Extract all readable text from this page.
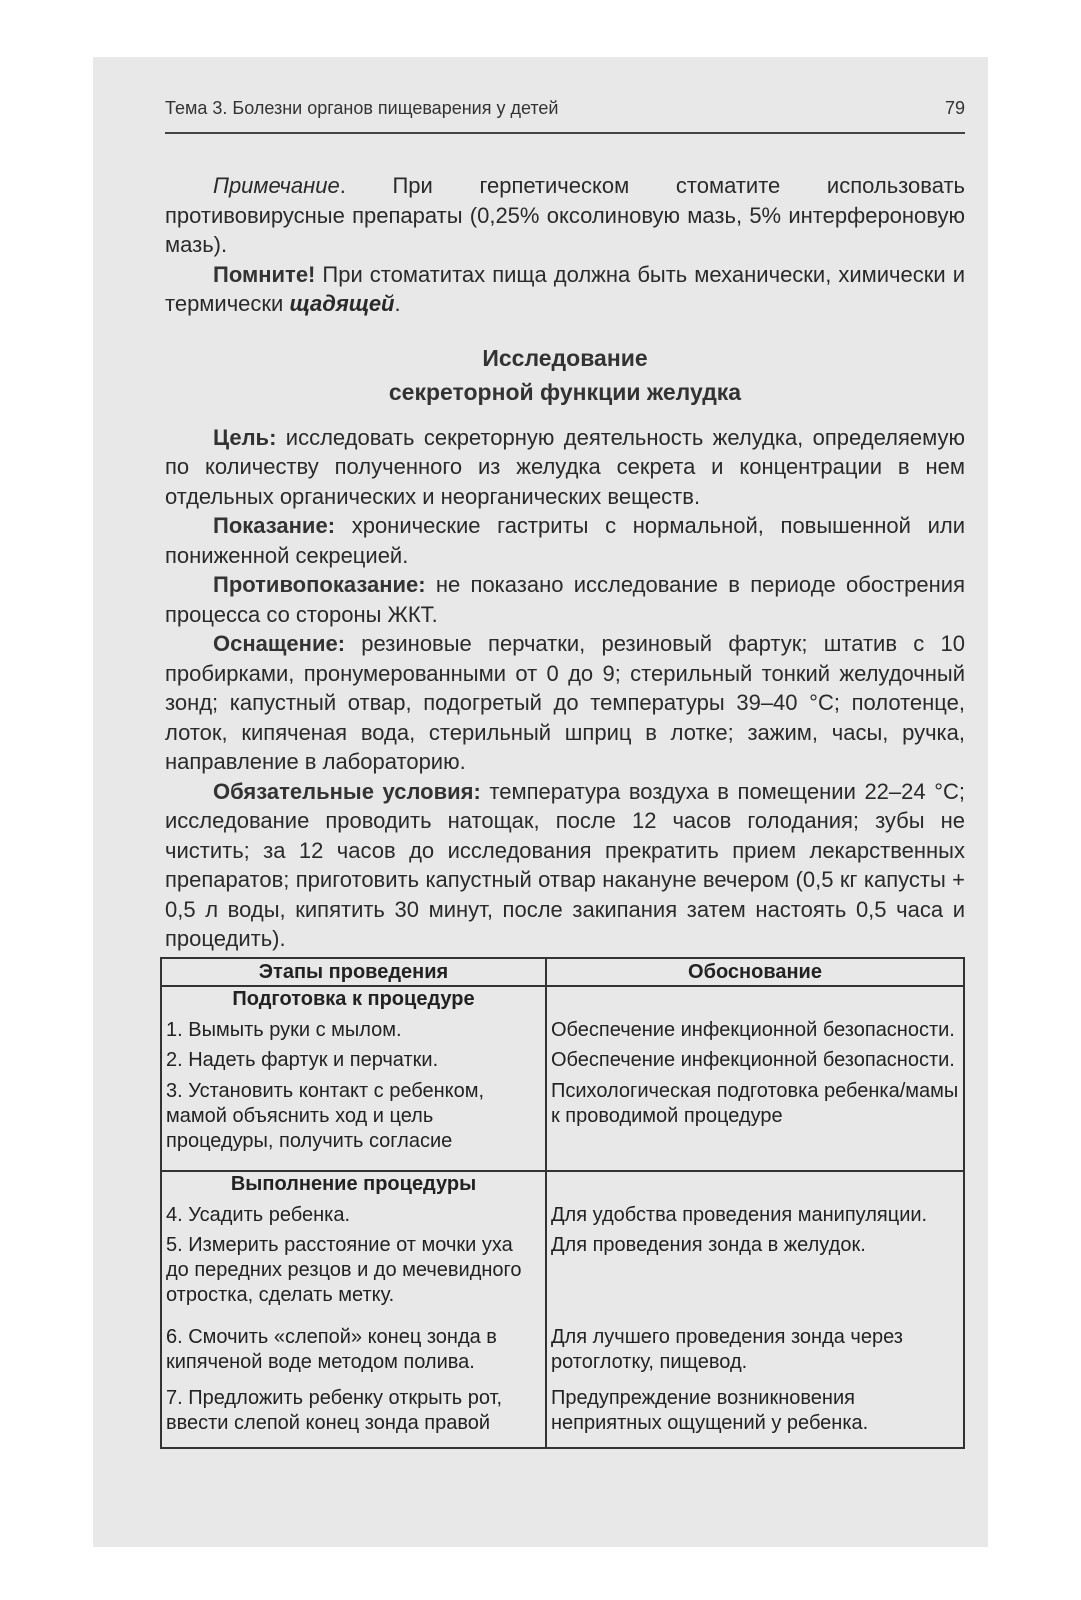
Тема 3. Болезни органов пищеварения у детей	79

Примечание. При герпетическом стоматите использовать противовирусные препараты (0,25% оксолиновую мазь, 5% интерфероновую мазь).

Помните! При стоматитах пища должна быть механически, химически и термически щадящей.

Исследование
секреторной функции желудка

Цель: исследовать секреторную деятельность желудка, определяемую по количеству полученного из желудка секрета и концентрации в нем отдельных органических и неорганических веществ.

Показание: хронические гастриты с нормальной, повышенной или пониженной секрецией.

Противопоказание: не показано исследование в периоде обострения процесса со стороны ЖКТ.

Оснащение: резиновые перчатки, резиновый фартук; штатив с 10 пробирками, пронумерованными от 0 до 9; стерильный тонкий желудочный зонд; капустный отвар, подогретый до температуры 39–40 °С; полотенце, лоток, кипяченая вода, стерильный шприц в лотке; зажим, часы, ручка, направление в лабораторию.

Обязательные условия: температура воздуха в помещении 22–24 °С; исследование проводить натощак, после 12 часов голодания; зубы не чистить; за 12 часов до исследования прекратить прием лекарственных препаратов; приготовить капустный отвар накануне вечером (0,5 кг капусты + 0,5 л воды, кипятить 30 минут, после закипания затем настоять 0,5 часа и процедить).

Этапы проведения	Обоснование
Подготовка к процедуре	
1. Вымыть руки с мылом.	Обеспечение инфекционной безопасности.
2. Надеть фартук и перчатки.	Обеспечение инфекционной безопасности.
3. Установить контакт с ребенком, мамой объяснить ход и цель процедуры, получить согласие	Психологическая подготовка ребенка/мамы к проводимой процедуре
Выполнение процедуры	
4. Усадить ребенка.	Для удобства проведения манипуляции.
5. Измерить расстояние от мочки уха до передних резцов и до мечевидного отростка, сделать метку.	Для проведения зонда в желудок.
6. Смочить «слепой» конец зонда в кипяченой воде методом полива.	Для лучшего проведения зонда через ротоглотку, пищевод.
7. Предложить ребенку открыть рот, ввести слепой конец зонда правой	Предупреждение возникновения неприятных ощущений у ребенка.
